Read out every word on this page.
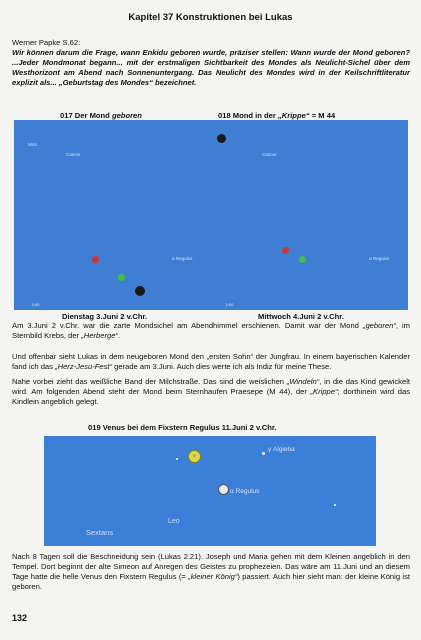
Kapitel 37 Konstruktionen bei Lukas
Werner Papke S.62:
Wir können darum die Frage, wann Enkidu geboren wurde, präziser stellen: Wann wurde der Mond geboren? ...Jeder Mondmonat begann... mit der erstmaligen Sichtbarkeit des Mondes als Neulicht-Sichel über dem Westhorizont am Abend nach Sonnenuntergang. Das Neulicht des Mondes wird in der Keilschriftliteratur explizit als... „Geburtstag des Mondes“ bezeichnet.
017 Der Mond geboren	018 Mond in der „Krippe“ = M 44
M44
Cancer	Cancer
α Regulus	α Regulus
Leo	Leo
Dienstag 3.Juni 2 v.Chr.	Mittwoch 4.Juni 2 v.Chr.
Am 3.Juni 2 v.Chr. war die zarte Mondsichel am Abendhimmel erschienen. Damit war der Mond „geboren“, im Sternbild Krebs, der „Herberge“.
Und offenbar sieht Lukas in dem neugeboren Mond den „ersten Sohn“ der Jungfrau. In einem bayerischen Kalender fand ich das „Herz-Jesu-Fest“ gerade am 3.Juni. Auch dies werte ich als Indiz für meine These.
Nahe vorbei zieht das weißliche Band der Milchstraße. Das sind die weislichen „Windeln“, in die das Kind gewickelt wird. Am folgenden Abend steht der Mond beim Sternhaufen Praesepe (M 44), der „Krippe“; dorthinein wird das Kindlein angeblich gelegt.
019 Venus bei dem Fixstern Regulus 11.Juni 2 v.Chr.
♀
γ Algieba
α Regulus
Leo
Sextans
Nach 8 Tagen soll die Beschneidung sein (Lukas 2.21). Joseph und Maria gehen mit dem Kleinen angeblich in den Tempel. Dort beginnt der alte Simeon auf Anregen des Geistes zu prophezeien. Das wäre am 11.Juni und an diesem Tage hatte die helle Venus den Fixstern Regulus (= „kleiner König“) passiert. Auch hier sieht man: der kleine König ist geboren.
132
